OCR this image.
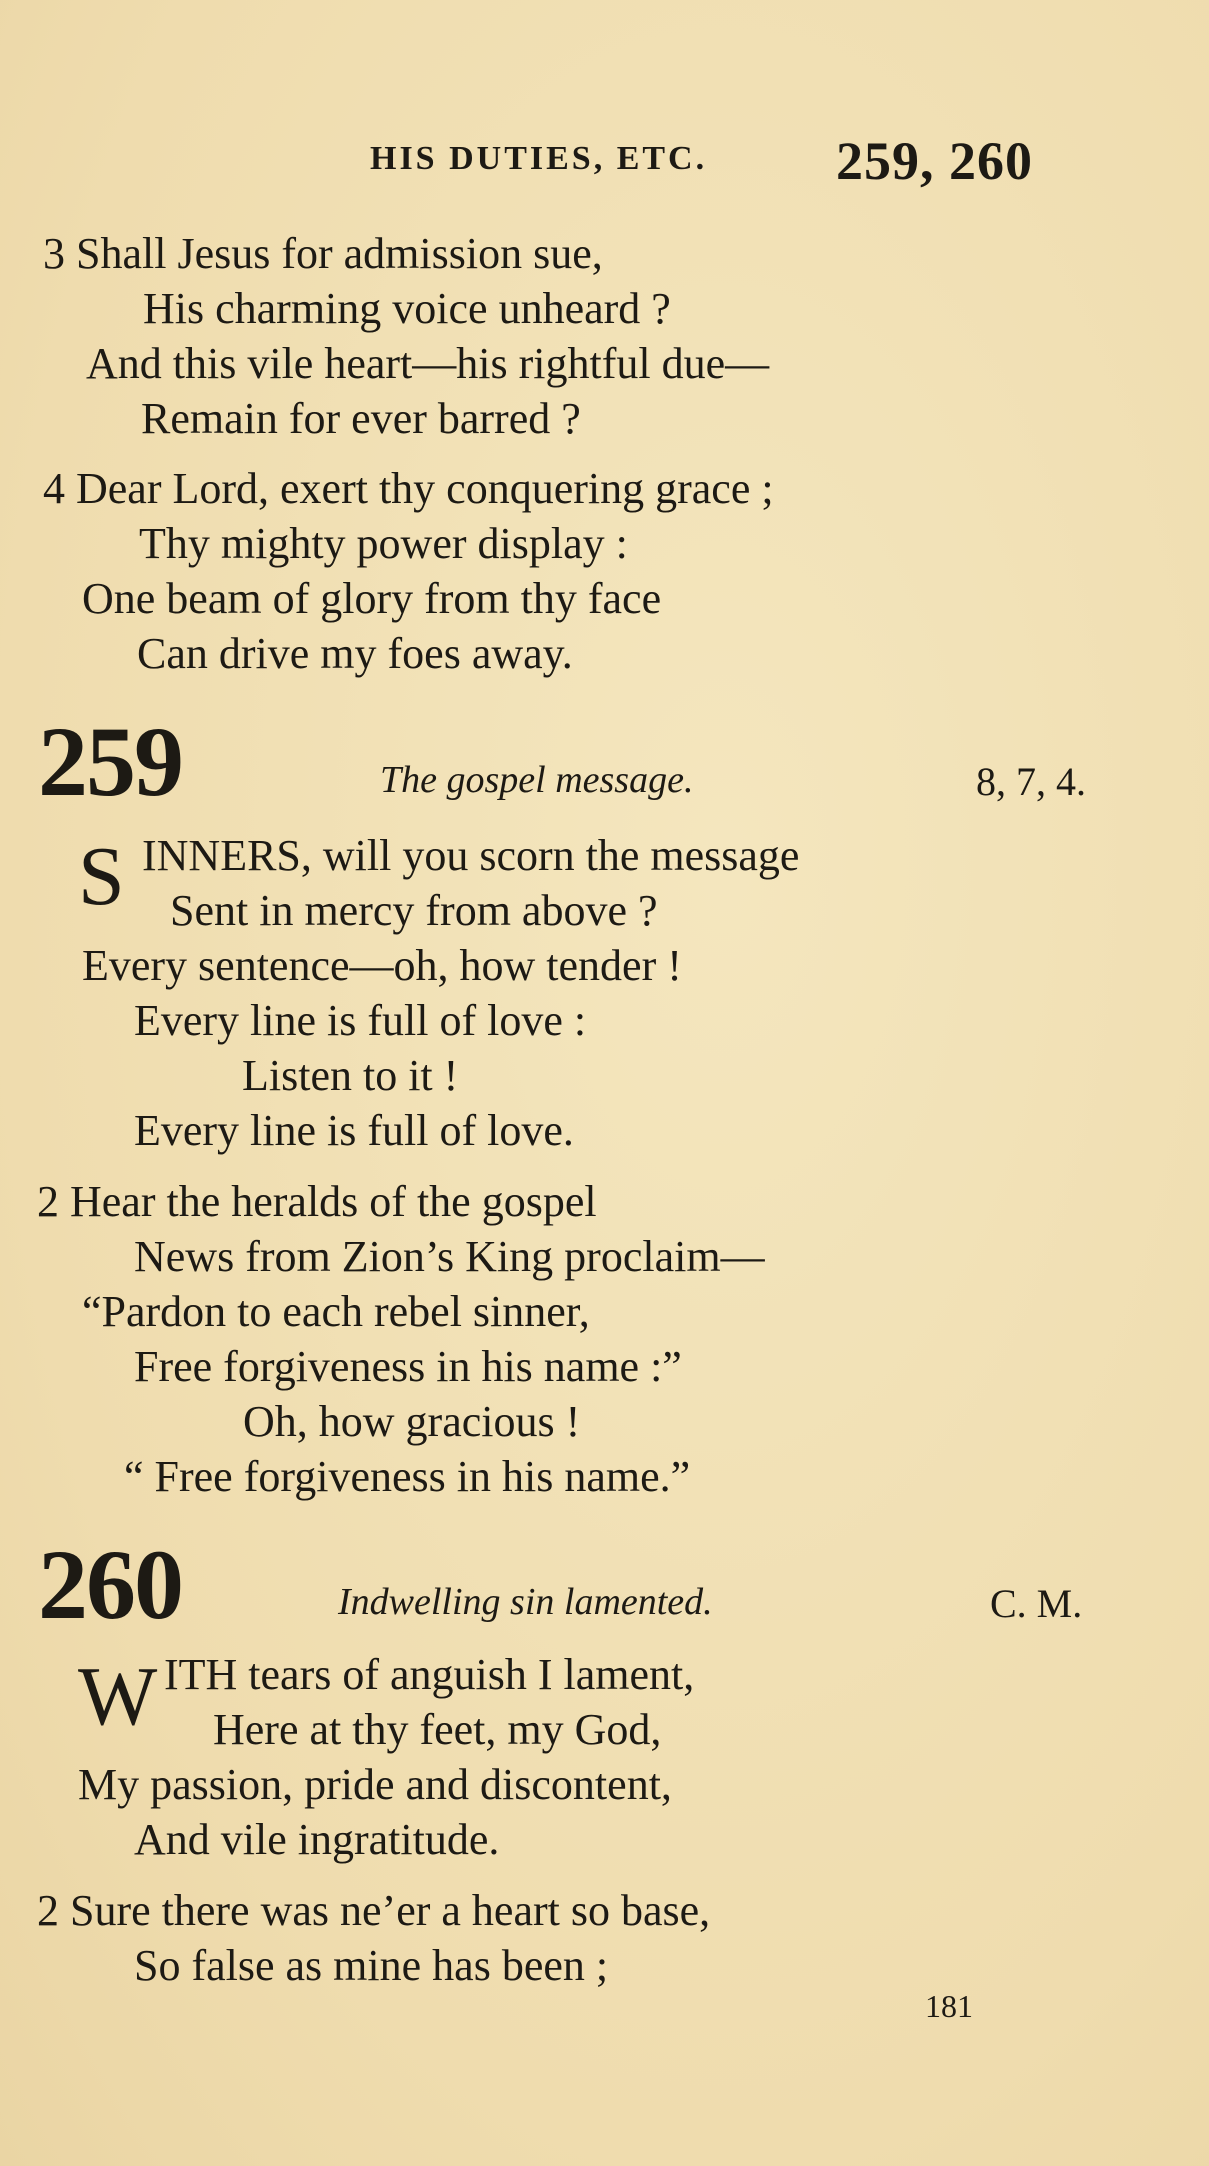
HIS DUTIES, ETC. 259, 260
3 Shall Jesus for admission sue,
His charming voice unheard ?
And this vile heart—his rightful due—
Remain for ever barred ?
4 Dear Lord, exert thy conquering grace ;
Thy mighty power display :
One beam of glory from thy face
Can drive my foes away.
259	The gospel message.	8, 7, 4.
S INNERS, will you scorn the message
Sent in mercy from above ?
Every sentence—oh, how tender !
Every line is full of love :
Listen to it !
Every line is full of love.
2 Hear the heralds of the gospel
News from Zion’s King proclaim—
“Pardon to each rebel sinner,
Free forgiveness in his name :”
Oh, how gracious !
“ Free forgiveness in his name.”
260	Indwelling sin lamented.	C. M.
W ITH tears of anguish I lament,
Here at thy feet, my God,
My passion, pride and discontent,
And vile ingratitude.
2 Sure there was ne’er a heart so base,
So false as mine has been ;
181
